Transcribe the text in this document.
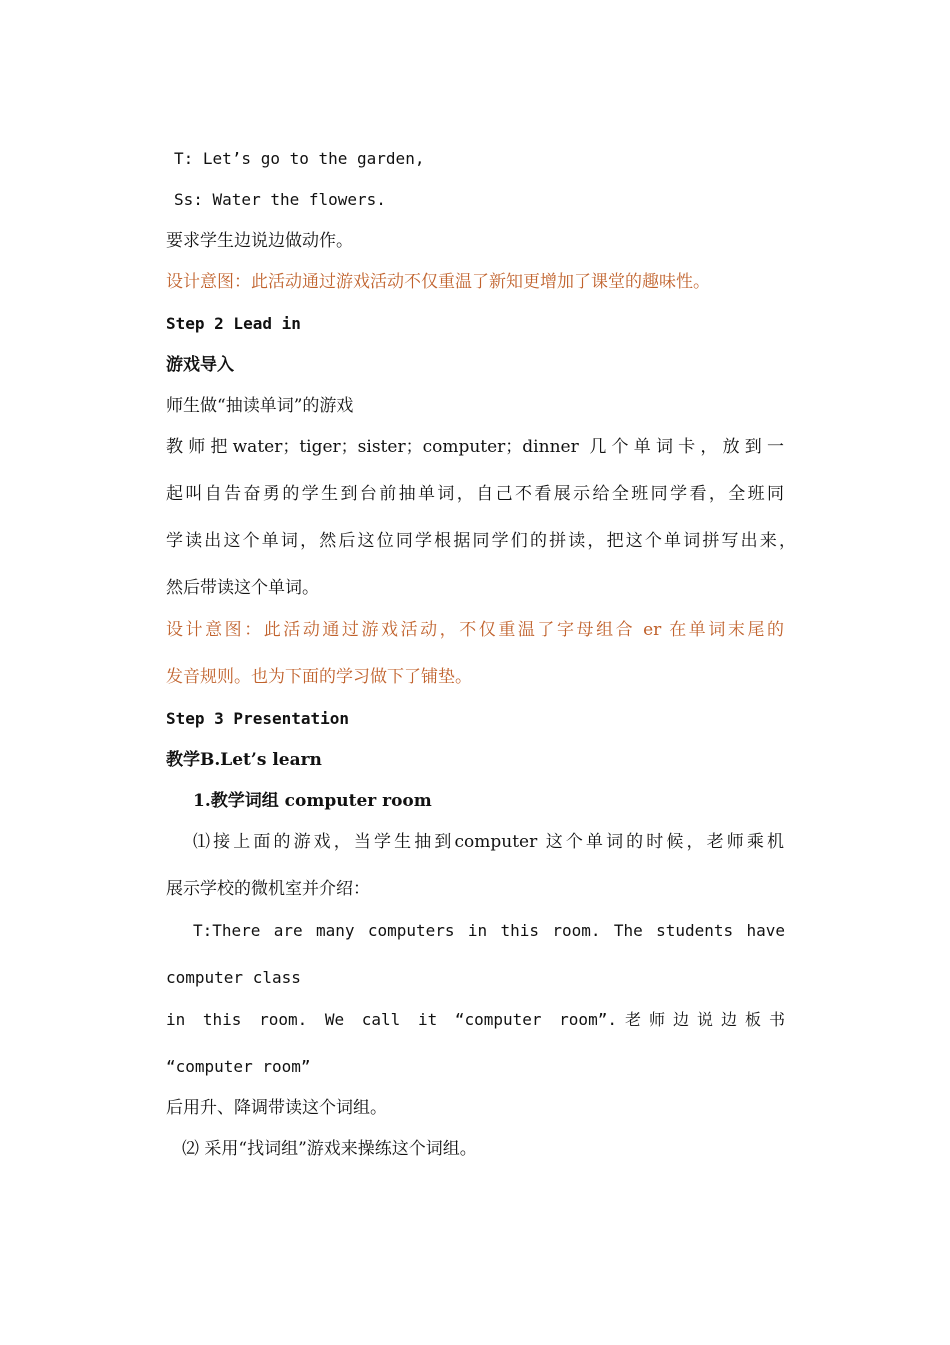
T: Let’s go to the garden,
Ss: Water the flowers.
要求学生边说边做动作。
设计意图：此活动通过游戏活动不仅重温了新知更增加了课堂的趣味性。
Step 2 Lead in
游戏导入
师生做“抽读单词”的游戏
教师把water；tiger；sister；computer；dinner 几个单词卡，放到一
起叫自告奋勇的学生到台前抽单词，自己不看展示给全班同学看，全班同
学读出这个单词，然后这位同学根据同学们的拼读，把这个单词拼写出来，
然后带读这个单词。
设计意图：此活动通过游戏活动，不仅重温了字母组合 er 在单词末尾的
发音规则。也为下面的学习做下了铺垫。
Step 3 Presentation
教学B.Let’s learn
1.教学词组 computer room
⑴接上面的游戏，当学生抽到computer 这个单词的时候，老师乘机
展示学校的微机室并介绍：
T:There are many computers in this room. The students have
computer class
in this room. We call it “computer room”.老师边说边板书
“computer room”
后用升、降调带读这个词组。
⑵ 采用“找词组”游戏来操练这个词组。
